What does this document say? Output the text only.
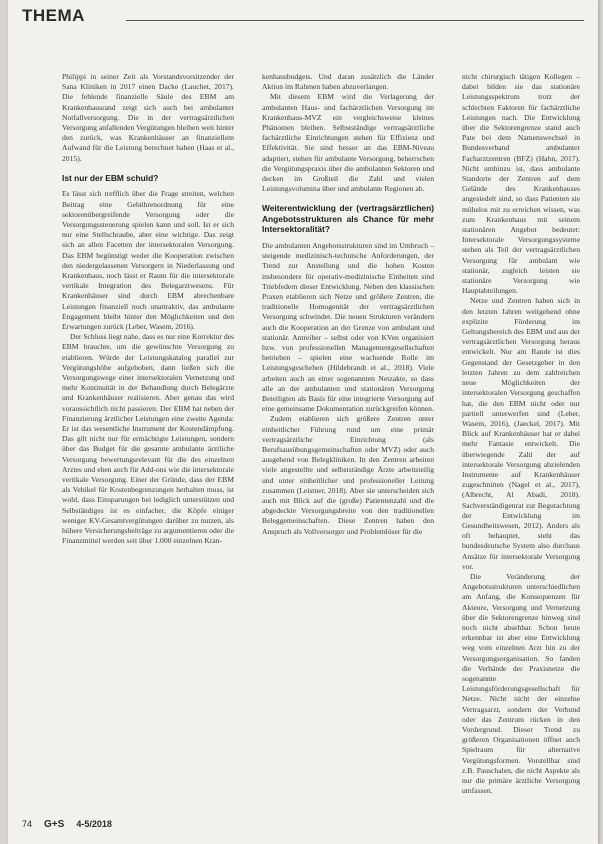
THEMA

Philippi in seiner Zeit als Vorstandsvorsitzender der Sana Kliniken in 2017 einen Dacke (Lauchet, 2017). Die fehlende finanzielle Säule des EBM am Krankenhausrand zeigt sich auch bei ambulanter Notfallversorgung. Die in der vertragsärztlichen Versorgung anfallenden Vergütungen bleiben weit hinter den zurück, was Krankenhäuser an finanziellem Aufwand für die Leistung berechnet haben (Haas et al., 2015).

Ist nur der EBM schuld?

Es lässt sich trefflich über die Frage streiten, welchen Beitrag eine Gebührenordnung für eine sektorenübergreifende Versorgung oder die Versorgungssteuerung spielen kann und soll. Ist er sich nur eine Stellschraube, aber eine wichtige. Das zeigt sich an allen Facetten der intersektoralen Versorgung. Das EBM begünstigt weder die Kooperation zwischen den niedergelassenen Versorgern in Niederlassung und Krankenhaus, noch lässt er Raum für die intersektorale vertikale Integration des Belegarztwesens. Für Krankenhäuser sind durch EBM abrechenbare Leistungen finanziell noch unattraktiv, das ambulante Engagement bleibt hinter den Möglichkeiten und den Erwartungen zurück (Leber, Wasem, 2016).

Der Schluss liegt nahe, dass es nur eine Korrektur des EBM brauchte, um die gewünschte Versorgung zu etablieren. Würde der Leistungskatalog parallel zur Vergütungshöhe aufgehoben, dann ließen sich die Versorgungswege einer intersektoralen Vernetzung und mehr Kontinuität in der Behandlung durch Belegärzte und Krankenhäuser realisieren. Aber genau das wird voraussichtlich nicht passieren. Der EBM hat neben der Finanzierung ärztlicher Leistungen eine zweite Agenda: Er ist das wesentliche Instrument der Kostendämpfung. Das gilt nicht nur für ermächtigte Leistungen, sondern über das Budget für die gesamte ambulante ärztliche Versorgung bewertungsrelevant für die des einzelnen Arztes und eben auch für Add-ons wie die intersektorale vertikale Versorgung. Einer der Gründe, dass der EBM als Vehikel für Kostenbegrenzungen herhalten muss, ist wohl, dass Einsparungen bei lediglich unterstützen und Selbständiges ist es einfacher, die Köpfe einiger weniger KV-Gesamtvergütungen darüber zu nutzen, als höhere Versicherungsbeiträge zu argumentieren oder die Finanzmittel werden seit über 1.000 einzelnen Kran-

kenhausbudgets. Und daran zusätzlich die Länder Aktion im Rahmen haben abzuverlangen.

Mit diesem EBM wird die Verlagerung der ambulanten Haus- und fachärztlichen Versorgung im Krankenhaus-MVZ ein vergleichsweise kleines Phänomen bleiben. Selbstständige vertragsärztliche fachärztliche Einrichtungen stehen für Effizienz und Effektivität. Sie sind besser an das EBM-Niveau adaptiert, stehen für ambulante Versorgung, beherrschen die Vergütungspraxis über die ambulanten Sektoren und decken im Großteil die Zahl und vielen Leistungsvolumina über und ambulante Regionen ab.

Weiterentwicklung der (vertragsärztlichen) Angebotsstrukturen als Chance für mehr Intersektoralität?

Die ambulanten Angebotsstrukturen sind im Umbruch – steigende medizinisch-technische Anforderungen, der Trend zur Anstellung und die hohen Kosten insbesondere für operativ-medizinische Einheiten sind Triebfedern dieser Entwicklung. Neben den klassischen Praxen etablieren sich Netze und größere Zentren, die traditionelle Homogenität der vertragsärztlichen Versorgung schwindet. Die neuen Strukturen verändern auch die Kooperation an der Grenze von ambulant und stationär. Antreiber – selbst oder von KVen organisiert bzw. von professionellen Managementgesellschaften betrieben – spielen eine wachsende Rolle im Leistungsgeschehen (Hildebrandt et al., 2018). Viele arbeiten auch an einer sogenannten Netzakte, so dass alle an der ambulanten und stationären Versorgung Beteiligten als Basis für eine integrierte Versorgung auf eine gemeinsame Dokumentation zurückgreifen können.

Zudem etablieren sich größere Zentren unter einheitlicher Führung rund um eine primär vertragsärztliche Einrichtung (als Berufsausübungsgemeinschaften oder MVZ) oder auch ausgehend von Belegkliniken. In den Zentren arbeiten viele angestellte und selbstständige Ärzte arbeitsteilig und unter einheitlicher und professioneller Leitung zusammen (Leistner, 2018). Aber sie unterscheiden sich auch mit Blick auf die (große) Patientenzahl und die abgedeckte Versorgungsbreite von den traditionellen Beleggemeinschaften. Diese Zentren haben den Anspruch als Vollversorger und Problemlöser für die

nicht chirurgisch tätigen Kollegen – dabei bilden sie das stationäre Leistungsspektrum trotz der schlechten Faktoren für fachärztliche Leistungen nach. Die Entwicklung über die Sektorengrenze stand auch Pate bei dem Namenswechsel in Bundesverband ambulanter Facharztzentren (BFZ) (Hahn, 2017). Nicht umhinzu ist, dass ambulante Standorte der Zentren auf dem Gelände des Krankenhauses angesiedelt sind, so dass Patienten sie mühelos mit zu erreichen wissen, was zum Krankenhaus mit seinem stationären Angebot bedeutet: Intersektorale Versorgungssysteme stehen als Teil der vertragsärztlichen Versorgung für ambulant wie stationär, zugleich leisten sie stationäre Versorgung wie Hauptabteilungen.

Netze und Zentren haben sich in den letzten Jahren weitgehend ohne explizite Förderung im Geltungsbereich des EBM und aus der vertragsärztlichen Versorgung heraus entwickelt. Nur am Rande ist dies Gegenstand der Gesetzgeber in den letzten Jahren zu dem zahlreichen neue Möglichkeiten der intersektoralen Versorgung geschaffen hat, die den EBM nicht oder nur partiell unterwerfen sind (Leber, Wasem, 2016), (Jaeckel, 2017). Mit Blick auf Krankenhäuser hat er dabei mehr Fantasie entwickelt. Die überwiegende Zahl der auf intersektorale Versorgung abzielenden Instrumente auf Krankenhäuser zugeschnitten (Nagel et al., 2017), (Albrecht, Al Abadi, 2018). Sachverständigenrat zur Begutachtung der Entwicklung im Gesundheitswesen, 2012). Anders als oft behauptet, steht das bundesdeutsche System also durchaus Ansätze für intersektorale Versorgung vor.

Die Veränderung der Angebotsstrukturen unterschiedlichen am Anfang, die Konsequenzen für Akteure, Versorgung und Vernetzung über die Sektorengrenze hinweg sind noch nicht absehbar. Schon heute erkennbar ist aber eine Entwicklung weg vom einzelnen Arzt hin zu der Versorgungsorganisation. So fanden die Verbände der Praxisnetze die sogenannte Leistungsförderungsgesellschaft für Netze. Nicht nicht der einzelne Vertragsarzt, sondern der Verbund oder das Zentrum rücken in den Vordergrund. Dieser Trend zu größeren Organisationen öffnet auch Spielraum für alternative Vergütungsformen. Vorstellbar sind z.B. Pauschalen, die nicht Aspekte als nur die primäre ärztliche Versorgung umfassen.

74 G+S 4-5/2018
